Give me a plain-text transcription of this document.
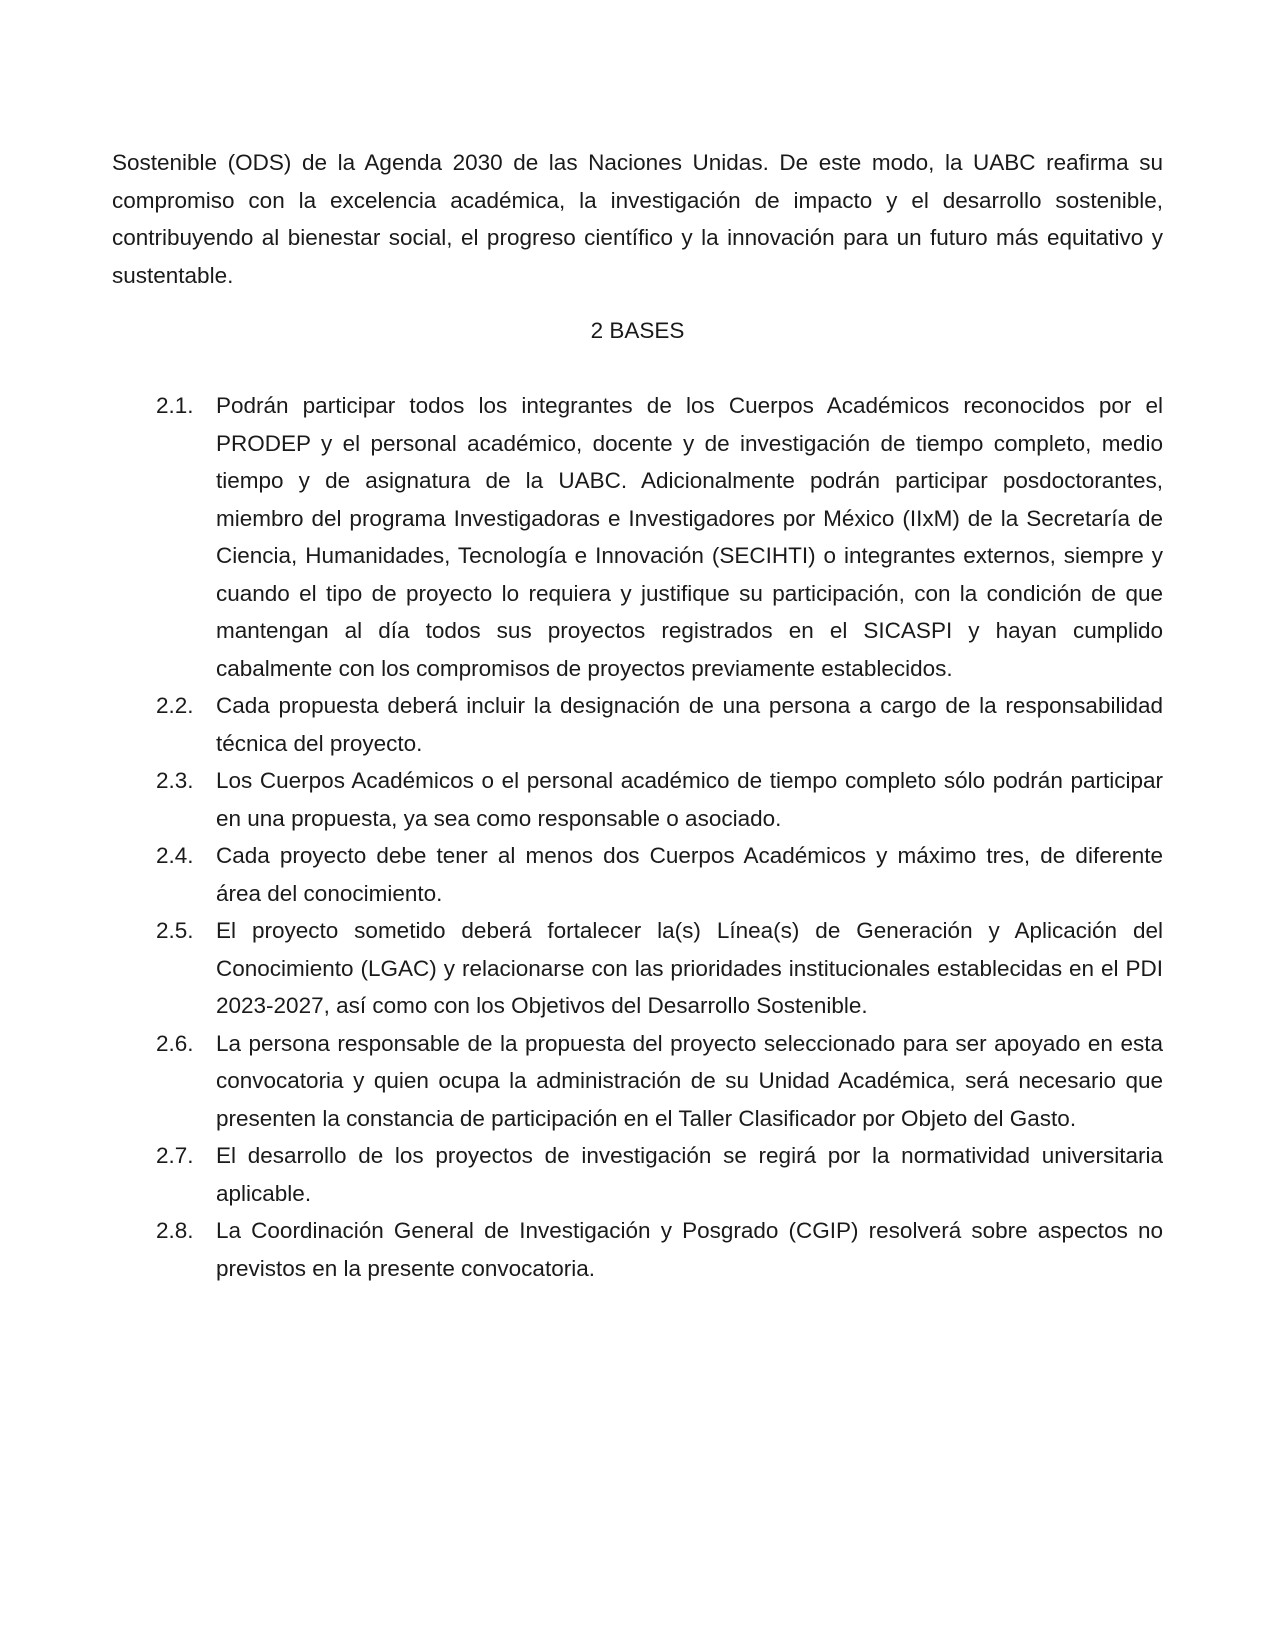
Sostenible (ODS) de la Agenda 2030 de las Naciones Unidas. De este modo, la UABC reafirma su compromiso con la excelencia académica, la investigación de impacto y el desarrollo sostenible, contribuyendo al bienestar social, el progreso científico y la innovación para un futuro más equitativo y sustentable.

2 BASES
2.1. Podrán participar todos los integrantes de los Cuerpos Académicos reconocidos por el PRODEP y el personal académico, docente y de investigación de tiempo completo, medio tiempo y de asignatura de la UABC. Adicionalmente podrán participar posdoctorantes, miembro del programa Investigadoras e Investigadores por México (IIxM) de la Secretaría de Ciencia, Humanidades, Tecnología e Innovación (SECIHTI) o integrantes externos, siempre y cuando el tipo de proyecto lo requiera y justifique su participación, con la condición de que mantengan al día todos sus proyectos registrados en el SICASPI y hayan cumplido cabalmente con los compromisos de proyectos previamente establecidos.
2.2. Cada propuesta deberá incluir la designación de una persona a cargo de la responsabilidad técnica del proyecto.
2.3. Los Cuerpos Académicos o el personal académico de tiempo completo sólo podrán participar en una propuesta, ya sea como responsable o asociado.
2.4. Cada proyecto debe tener al menos dos Cuerpos Académicos y máximo tres, de diferente área del conocimiento.
2.5. El proyecto sometido deberá fortalecer la(s) Línea(s) de Generación y Aplicación del Conocimiento (LGAC) y relacionarse con las prioridades institucionales establecidas en el PDI 2023-2027, así como con los Objetivos del Desarrollo Sostenible.
2.6. La persona responsable de la propuesta del proyecto seleccionado para ser apoyado en esta convocatoria y quien ocupa la administración de su Unidad Académica, será necesario que presenten la constancia de participación en el Taller Clasificador por Objeto del Gasto.
2.7. El desarrollo de los proyectos de investigación se regirá por la normatividad universitaria aplicable.
2.8. La Coordinación General de Investigación y Posgrado (CGIP) resolverá sobre aspectos no previstos en la presente convocatoria.
